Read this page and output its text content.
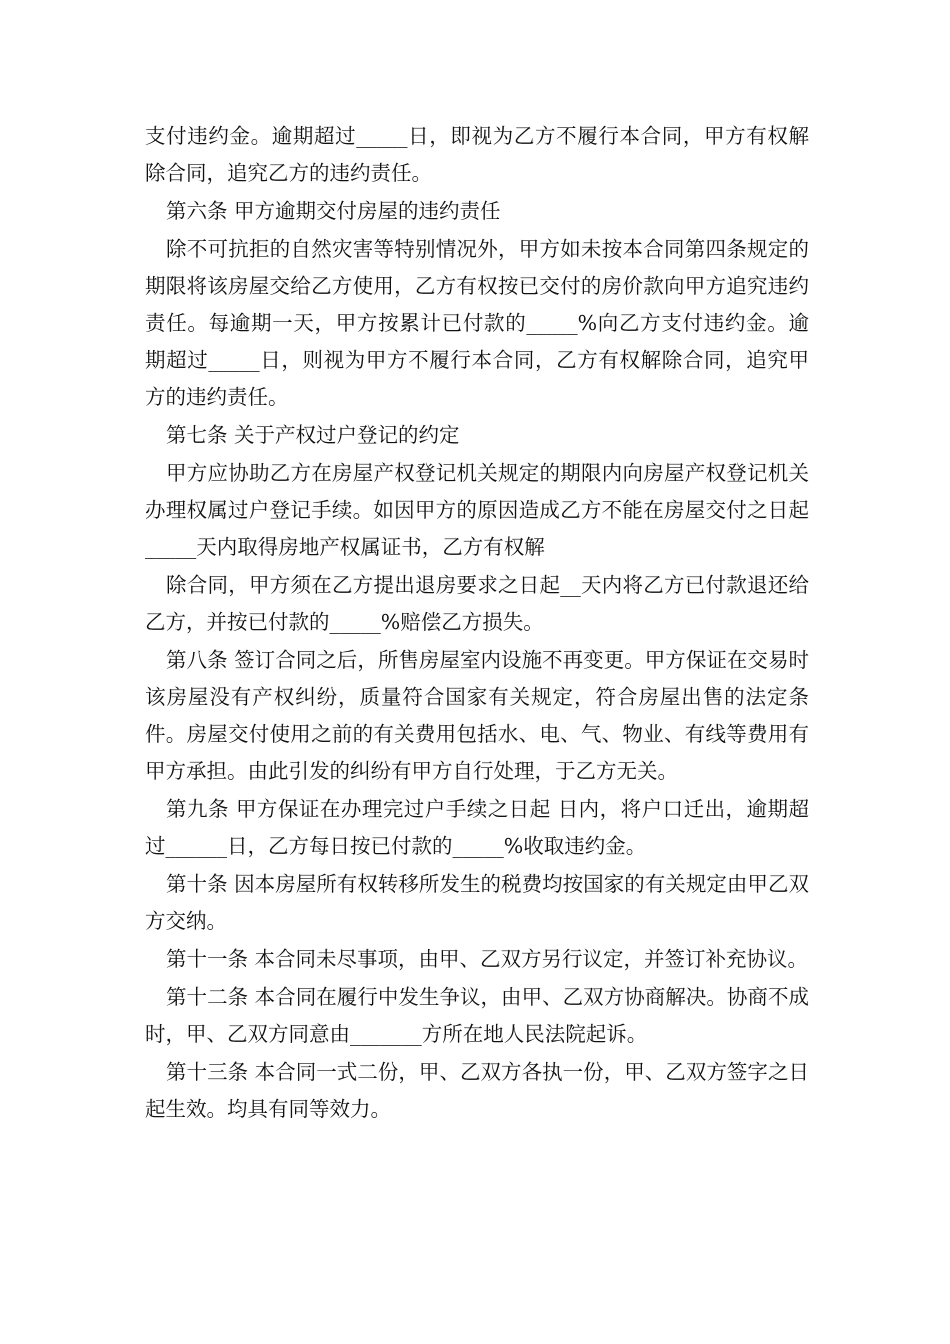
支付违约金。逾期超过_____日，即视为乙方不履行本合同，甲方有权解除合同，追究乙方的违约责任。

第六条 甲方逾期交付房屋的违约责任

除不可抗拒的自然灾害等特别情况外，甲方如未按本合同第四条规定的期限将该房屋交给乙方使用，乙方有权按已交付的房价款向甲方追究违约责任。每逾期一天，甲方按累计已付款的_____%向乙方支付违约金。逾期超过_____日，则视为甲方不履行本合同，乙方有权解除合同，追究甲方的违约责任。

第七条 关于产权过户登记的约定

甲方应协助乙方在房屋产权登记机关规定的期限内向房屋产权登记机关办理权属过户登记手续。如因甲方的原因造成乙方不能在房屋交付之日起_____天内取得房地产权属证书，乙方有权解

除合同，甲方须在乙方提出退房要求之日起__天内将乙方已付款退还给乙方，并按已付款的_____%赔偿乙方损失。

第八条 签订合同之后，所售房屋室内设施不再变更。甲方保证在交易时该房屋没有产权纠纷，质量符合国家有关规定，符合房屋出售的法定条件。房屋交付使用之前的有关费用包括水、电、气、物业、有线等费用有甲方承担。由此引发的纠纷有甲方自行处理，于乙方无关。

第九条 甲方保证在办理完过户手续之日起 日内，将户口迁出，逾期超过______日，乙方每日按已付款的_____%收取违约金。

第十条 因本房屋所有权转移所发生的税费均按国家的有关规定由甲乙双方交纳。

第十一条 本合同未尽事项，由甲、乙双方另行议定，并签订补充协议。

第十二条 本合同在履行中发生争议，由甲、乙双方协商解决。协商不成时，甲、乙双方同意由_______方所在地人民法院起诉。

第十三条 本合同一式二份，甲、乙双方各执一份，甲、乙双方签字之日起生效。均具有同等效力。
